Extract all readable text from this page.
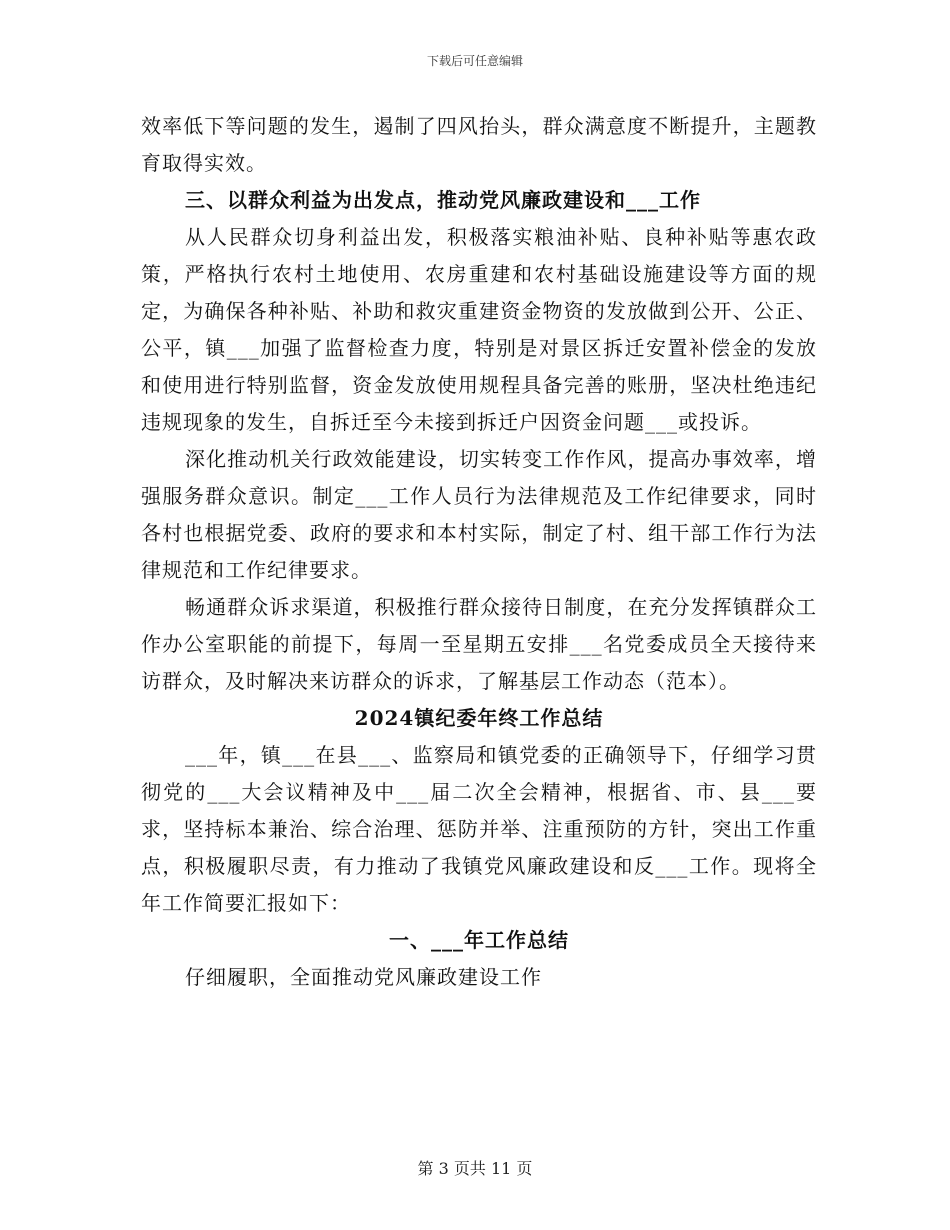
下载后可任意编辑

效率低下等问题的发生，遏制了四风抬头，群众满意度不断提升，主题教育取得实效。

三、以群众利益为出发点，推动党风廉政建设和___工作

从人民群众切身利益出发，积极落实粮油补贴、良种补贴等惠农政策，严格执行农村土地使用、农房重建和农村基础设施建设等方面的规定，为确保各种补贴、补助和救灾重建资金物资的发放做到公开、公正、公平，镇___加强了监督检查力度，特别是对景区拆迁安置补偿金的发放和使用进行特别监督，资金发放使用规程具备完善的账册，坚决杜绝违纪违规现象的发生，自拆迁至今未接到拆迁户因资金问题___或投诉。

深化推动机关行政效能建设，切实转变工作作风，提高办事效率，增强服务群众意识。制定___工作人员行为法律规范及工作纪律要求，同时各村也根据党委、政府的要求和本村实际，制定了村、组干部工作行为法律规范和工作纪律要求。

畅通群众诉求渠道，积极推行群众接待日制度，在充分发挥镇群众工作办公室职能的前提下，每周一至星期五安排___名党委成员全天接待来访群众，及时解决来访群众的诉求，了解基层工作动态（范本）。

2024镇纪委年终工作总结

___年，镇___在县___、监察局和镇党委的正确领导下，仔细学习贯彻党的___大会议精神及中___届二次全会精神，根据省、市、县___要求，坚持标本兼治、综合治理、惩防并举、注重预防的方针，突出工作重点，积极履职尽责，有力推动了我镇党风廉政建设和反___工作。现将全年工作简要汇报如下：

一、___年工作总结

仔细履职，全面推动党风廉政建设工作

第 3 页共 11 页
